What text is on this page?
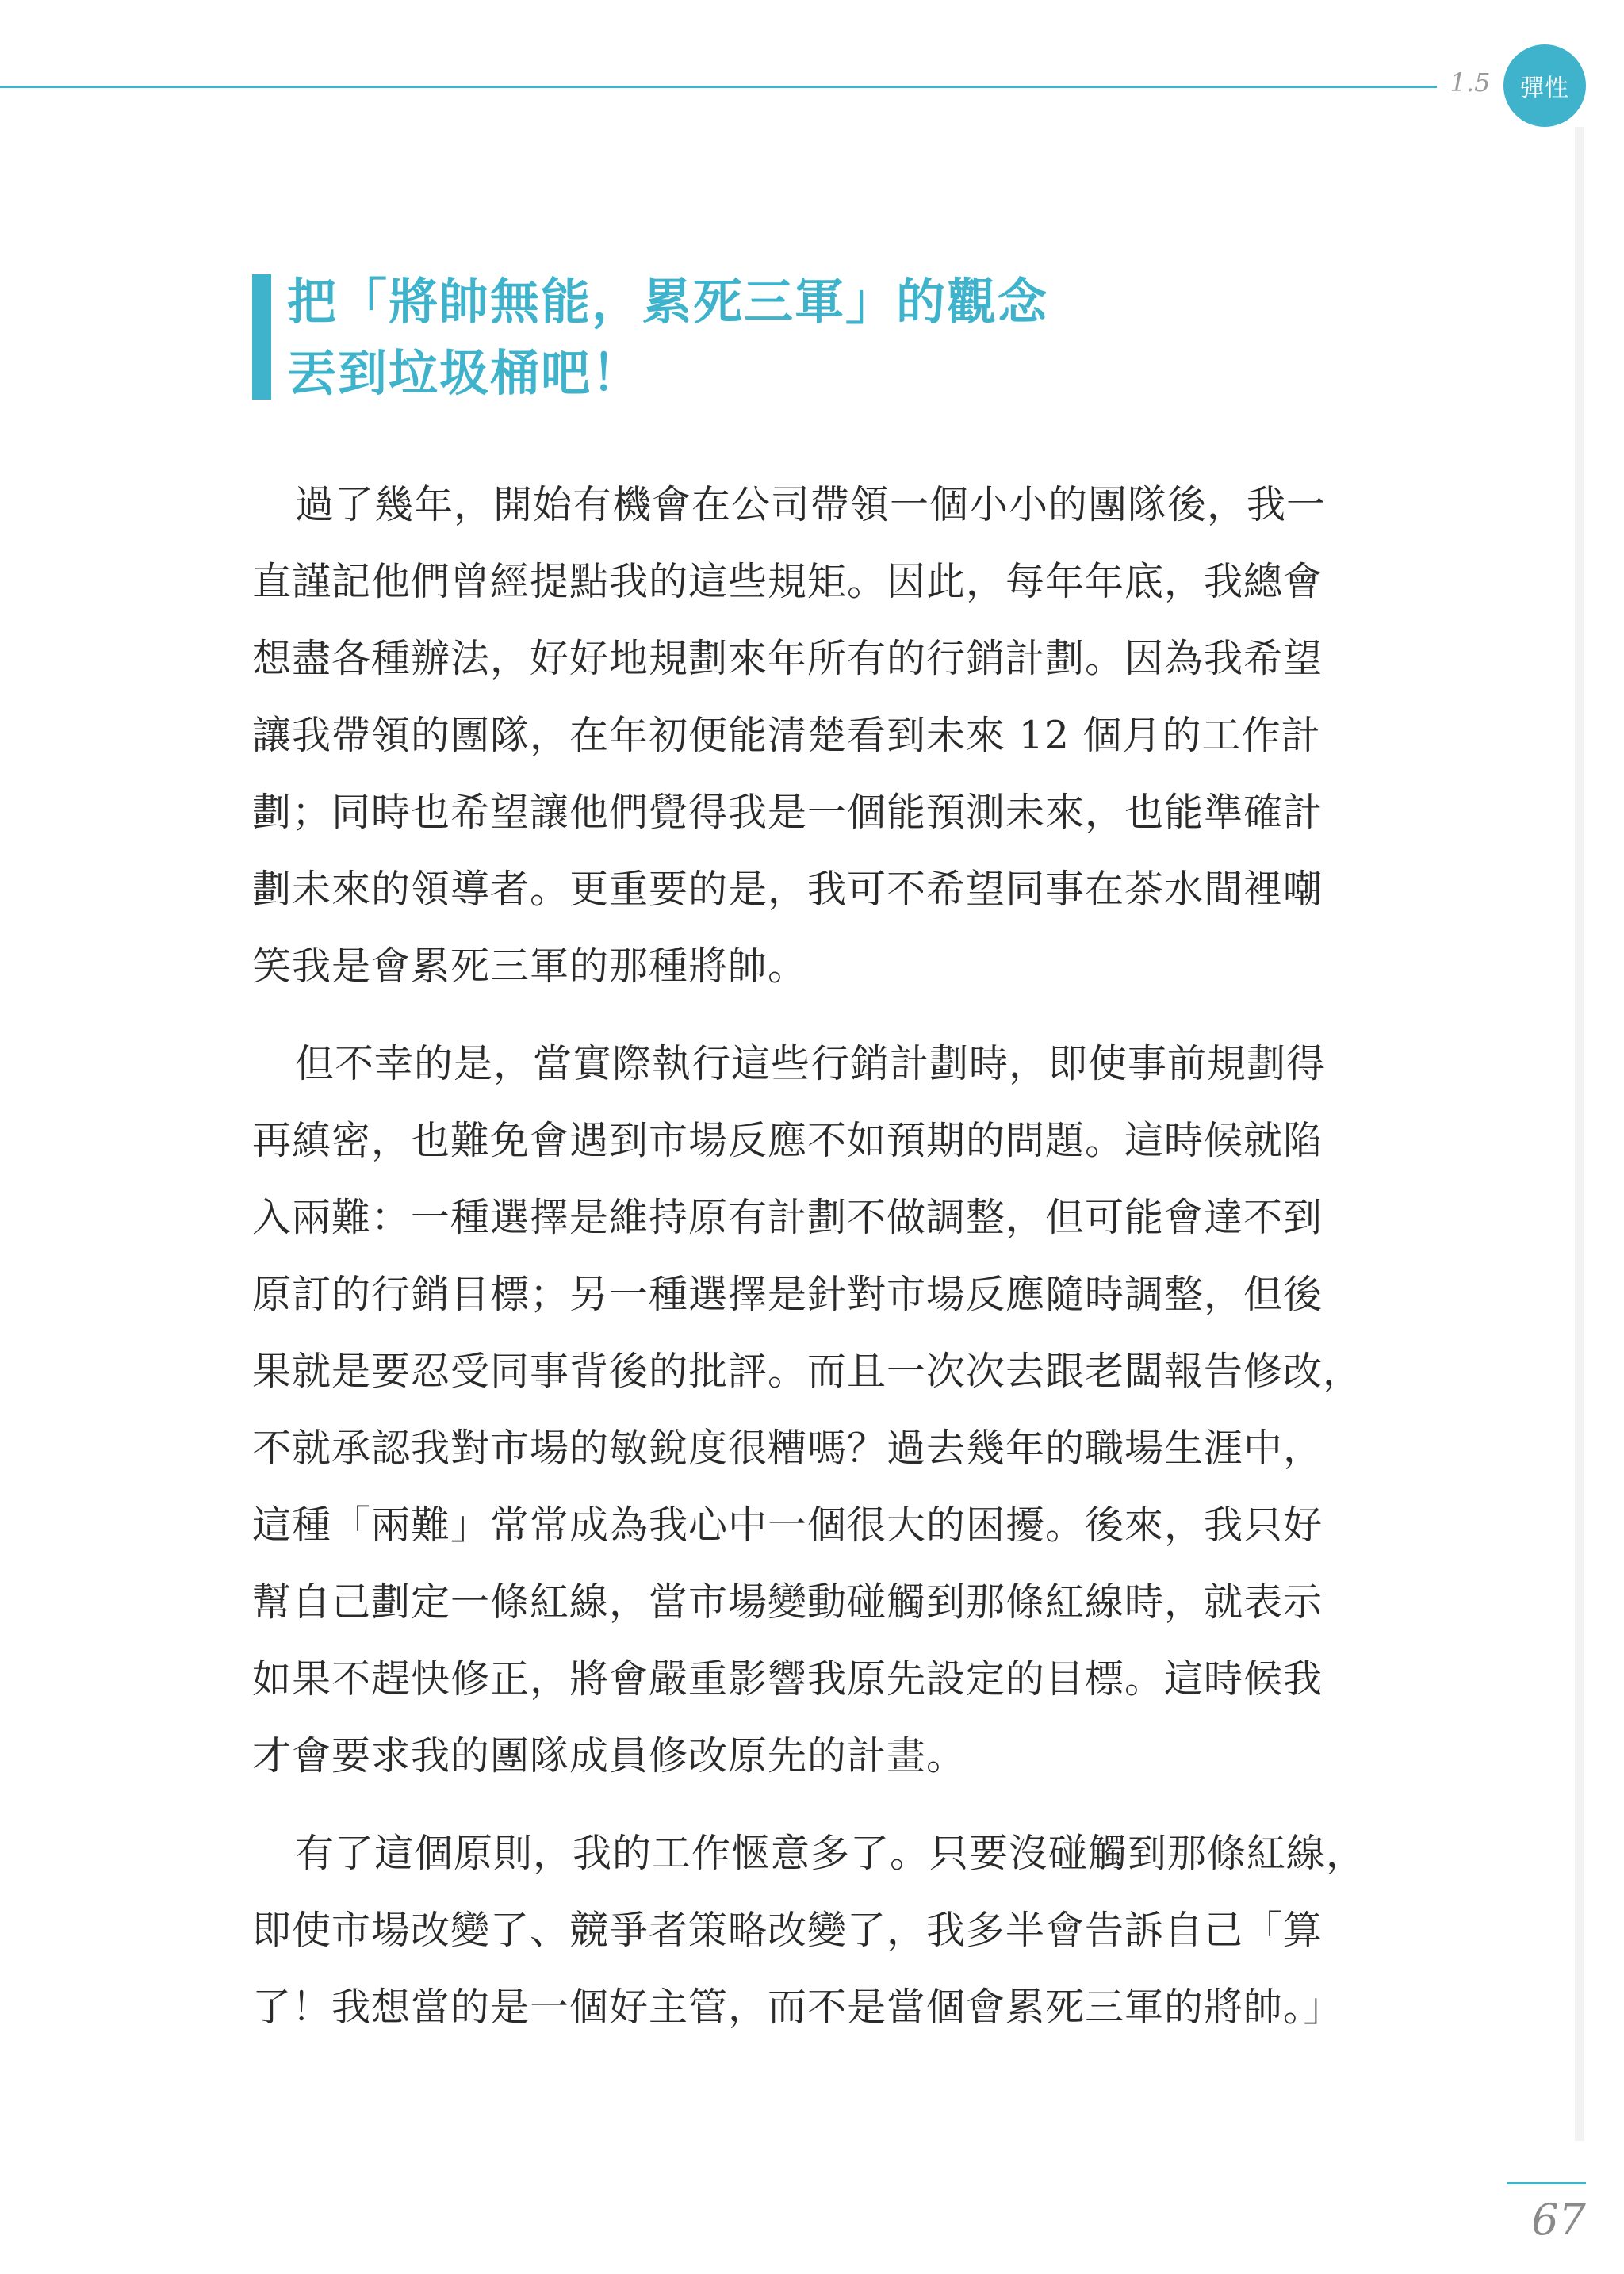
1.5 彈性
把「將帥無能，累死三軍」的觀念
丟到垃圾桶吧！

過了幾年，開始有機會在公司帶領一個小小的團隊後，我一
直謹記他們曾經提點我的這些規矩。因此，每年年底，我總會
想盡各種辦法，好好地規劃來年所有的行銷計劃。因為我希望
讓我帶領的團隊，在年初便能清楚看到未來 12 個月的工作計
劃；同時也希望讓他們覺得我是一個能預測未來，也能準確計
劃未來的領導者。更重要的是，我可不希望同事在茶水間裡嘲
笑我是會累死三軍的那種將帥。

但不幸的是，當實際執行這些行銷計劃時，即使事前規劃得
再縝密，也難免會遇到市場反應不如預期的問題。這時候就陷
入兩難：一種選擇是維持原有計劃不做調整，但可能會達不到
原訂的行銷目標；另一種選擇是針對市場反應隨時調整，但後
果就是要忍受同事背後的批評。而且一次次去跟老闆報告修改，
不就承認我對市場的敏銳度很糟嗎？過去幾年的職場生涯中，
這種「兩難」常常成為我心中一個很大的困擾。後來，我只好
幫自己劃定一條紅線，當市場變動碰觸到那條紅線時，就表示
如果不趕快修正，將會嚴重影響我原先設定的目標。這時候我
才會要求我的團隊成員修改原先的計畫。

有了這個原則，我的工作愜意多了。只要沒碰觸到那條紅線，
即使市場改變了、競爭者策略改變了，我多半會告訴自己「算
了！我想當的是一個好主管，而不是當個會累死三軍的將帥。」

67
